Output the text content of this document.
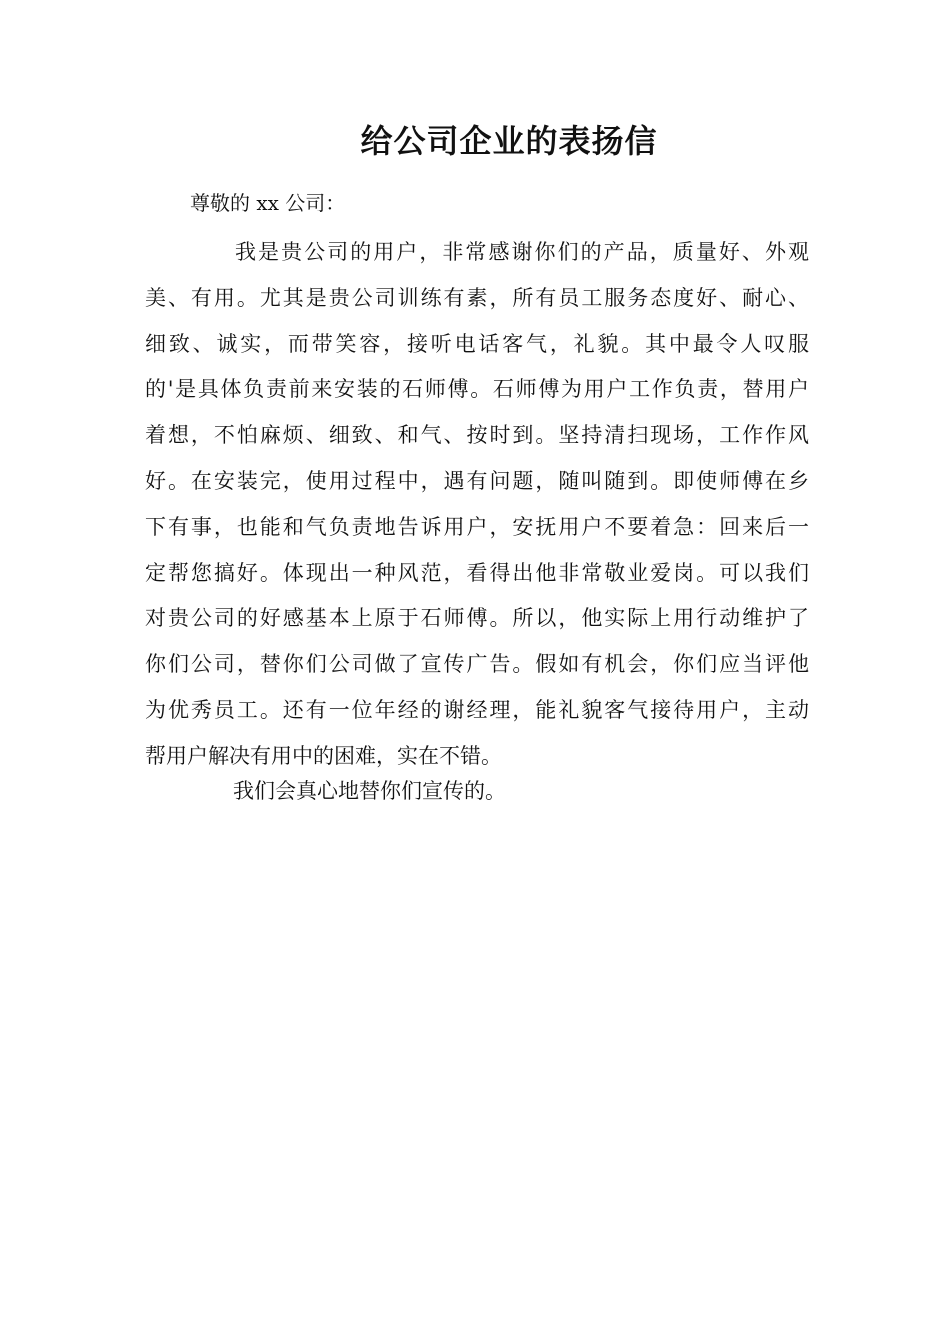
给公司企业的表扬信

尊敬的 xx 公司：

我是贵公司的用户，非常感谢你们的产品，质量好、外观
美、有用。尤其是贵公司训练有素，所有员工服务态度好、耐心、
细致、诚实，而带笑容，接听电话客气，礼貌。其中最令人叹服
的'是具体负责前来安装的石师傅。石师傅为用户工作负责，替用户
着想，不怕麻烦、细致、和气、按时到。坚持清扫现场，工作作风
好。在安装完，使用过程中，遇有问题，随叫随到。即使师傅在乡
下有事，也能和气负责地告诉用户，安抚用户不要着急：回来后一
定帮您搞好。体现出一种风范，看得出他非常敬业爱岗。可以我们
对贵公司的好感基本上原于石师傅。所以，他实际上用行动维护了
你们公司，替你们公司做了宣传广告。假如有机会，你们应当评他
为优秀员工。还有一位年经的谢经理，能礼貌客气接待用户，主动
帮用户解决有用中的困难，实在不错。

我们会真心地替你们宣传的。
